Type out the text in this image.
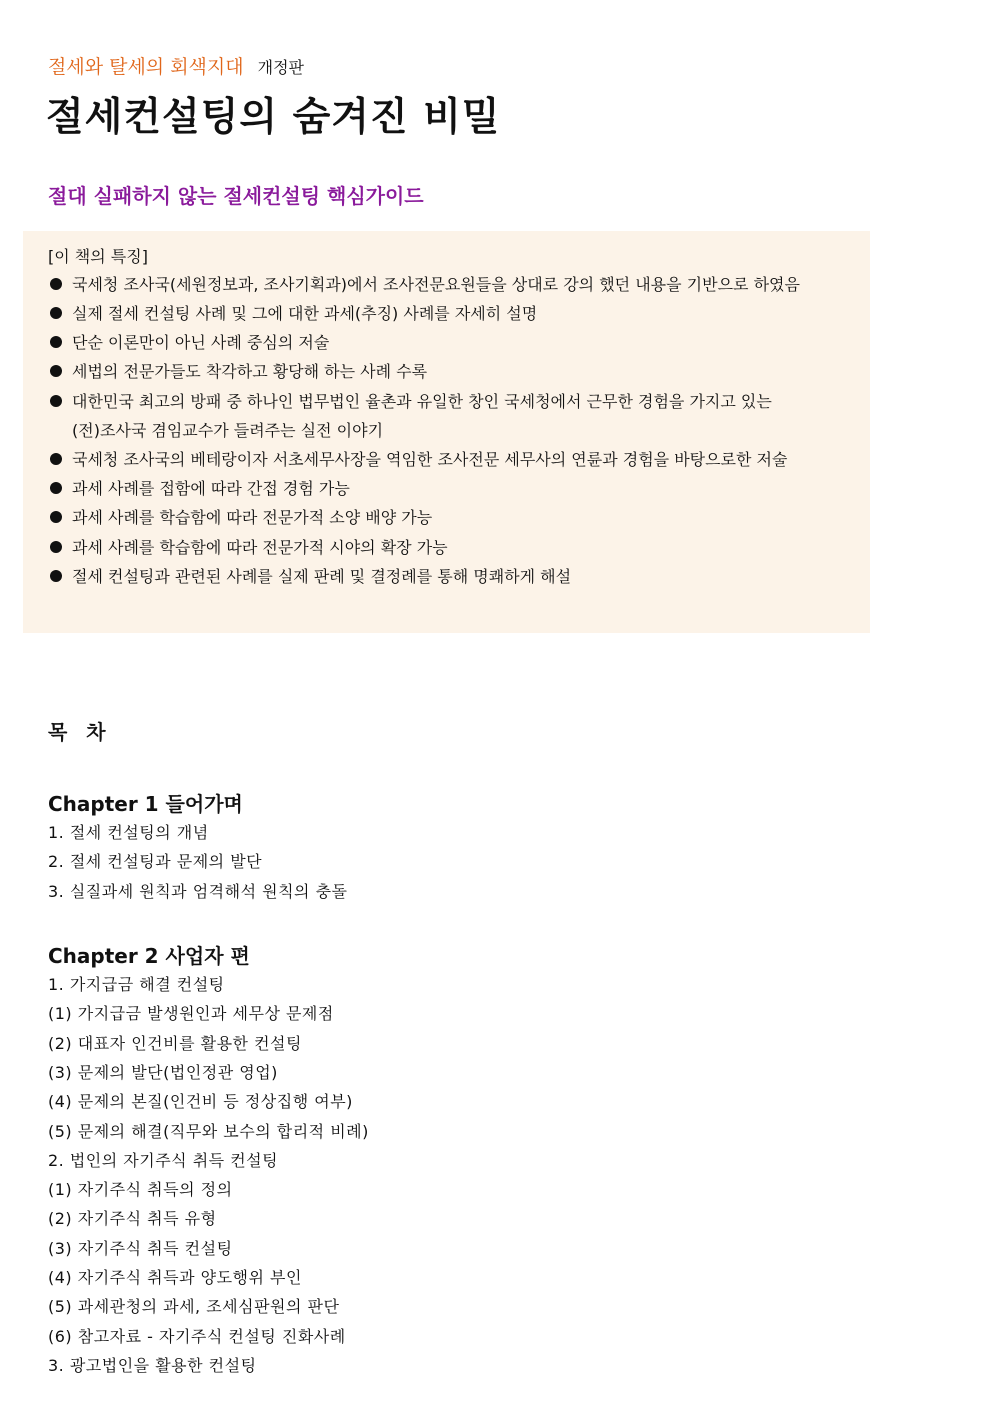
절세와 탈세의 회색지대 개정판
절세컨설팅의 숨겨진 비밀
절대 실패하지 않는 절세컨설팅 핵심가이드
[이 책의 특징]
국세청 조사국(세원정보과, 조사기획과)에서 조사전문요원들을 상대로 강의 했던 내용을 기반으로 하였음
실제 절세 컨설팅 사례 및 그에 대한 과세(추징) 사례를 자세히 설명
단순 이론만이 아닌 사례 중심의 저술
세법의 전문가들도 착각하고 황당해 하는 사례 수록
대한민국 최고의 방패 중 하나인 법무법인 율촌과 유일한 창인 국세청에서 근무한 경험을 가지고 있는
(전)조사국 겸임교수가 들려주는 실전 이야기
국세청 조사국의 베테랑이자 서초세무사장을 역임한 조사전문 세무사의 연륜과 경험을 바탕으로한 저술
과세 사례를 접함에 따라 간접 경험 가능
과세 사례를 학습함에 따라 전문가적 소양 배양 가능
과세 사례를 학습함에 따라 전문가적 시야의 확장 가능
절세 컨설팅과 관련된 사례를 실제 판례 및 결정례를 통해 명쾌하게 해설
목 차
Chapter 1 들어가며
1. 절세 컨설팅의 개념
2. 절세 컨설팅과 문제의 발단
3. 실질과세 원칙과 엄격해석 원칙의 충돌
Chapter 2 사업자 편
1. 가지급금 해결 컨설팅
(1) 가지급금 발생원인과 세무상 문제점
(2) 대표자 인건비를 활용한 컨설팅
(3) 문제의 발단(법인정관 영업)
(4) 문제의 본질(인건비 등 정상집행 여부)
(5) 문제의 해결(직무와 보수의 합리적 비례)
2. 법인의 자기주식 취득 컨설팅
(1) 자기주식 취득의 정의
(2) 자기주식 취득 유형
(3) 자기주식 취득 컨설팅
(4) 자기주식 취득과 양도행위 부인
(5) 과세관청의 과세, 조세심판원의 판단
(6) 참고자료 - 자기주식 컨설팅 진화사례
3. 광고법인을 활용한 컨설팅
